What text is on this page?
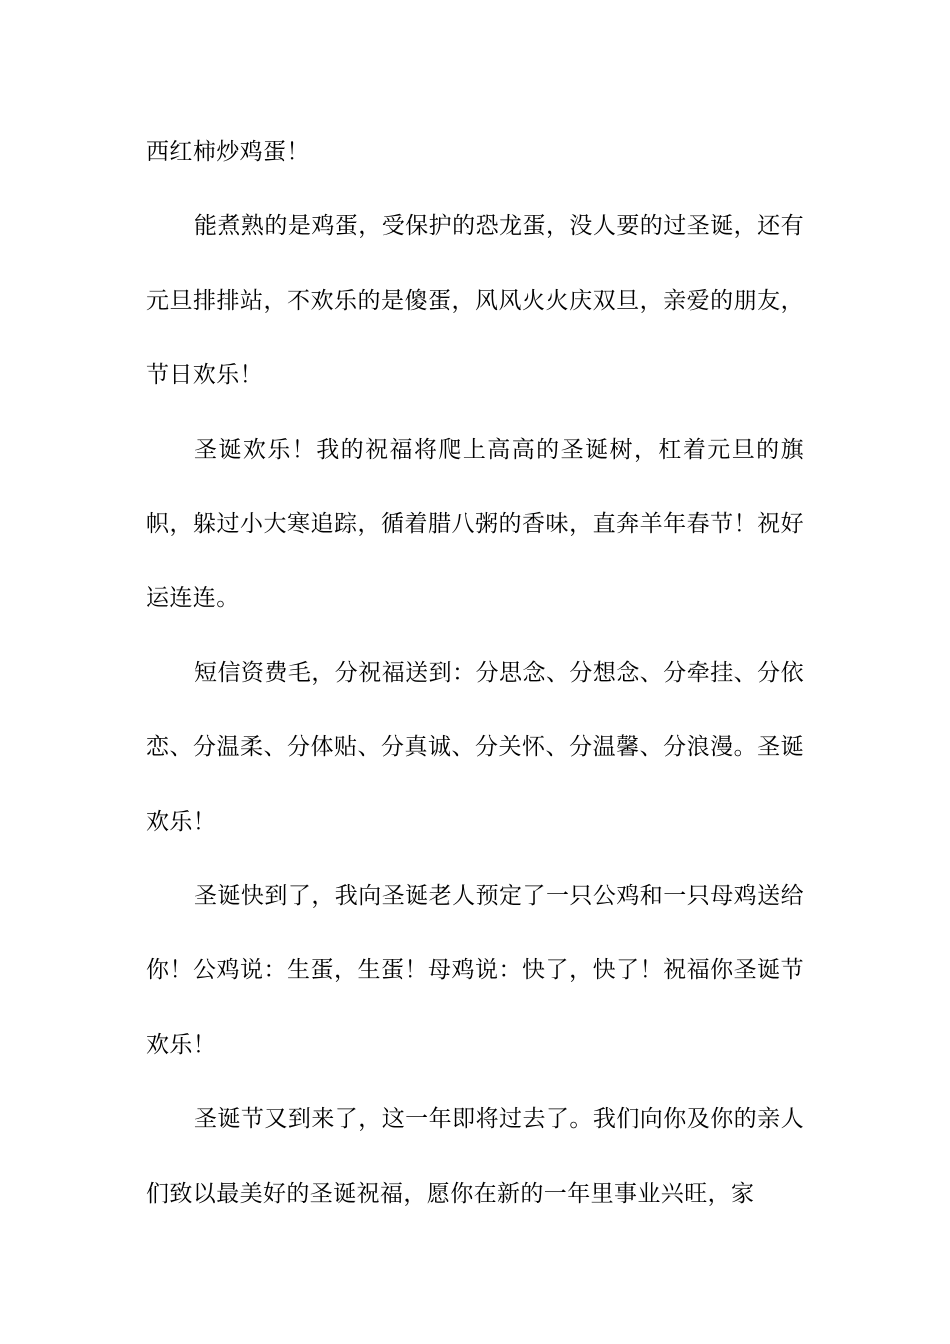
西红柿炒鸡蛋！

能煮熟的是鸡蛋，受保护的恐龙蛋，没人要的过圣诞，还有元旦排排站，不欢乐的是傻蛋，风风火火庆双旦，亲爱的朋友，节日欢乐！

圣诞欢乐！我的祝福将爬上高高的圣诞树，杠着元旦的旗帜，躲过小大寒追踪，循着腊八粥的香味，直奔羊年春节！祝好运连连。

短信资费毛，分祝福送到：分思念、分想念、分牵挂、分依恋、分温柔、分体贴、分真诚、分关怀、分温馨、分浪漫。圣诞欢乐！

圣诞快到了，我向圣诞老人预定了一只公鸡和一只母鸡送给你！公鸡说：生蛋，生蛋！母鸡说：快了，快了！祝福你圣诞节欢乐！

圣诞节又到来了，这一年即将过去了。我们向你及你的亲人们致以最美好的圣诞祝福，愿你在新的一年里事业兴旺，家
